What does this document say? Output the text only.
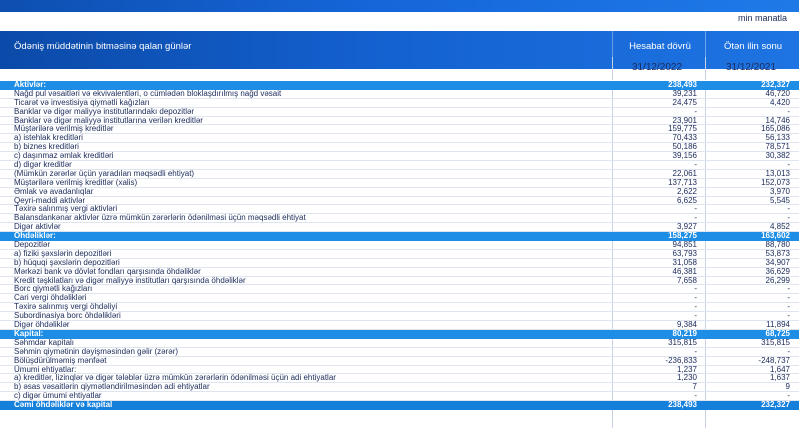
min manatla
Ödəniş müddətinin bitməsinə qalan günlər	Hesabat dövrü	Ötən ilin sonu
31/12/2022	31/12/2021
Aktivlər:	238,493	232,327
Nağd pul vəsaitləri və ekvivalentləri, o cümlədən bloklaşdırılmış nağd vəsait	39,231	46,720
Ticarət və investisiya qiymətli kağızları	24,475	4,420
Banklar və digər maliyyə institutlarındakı depozitlər	-	-
Banklar və digər maliyyə institutlarına verilən kreditlər	23,901	14,746
Müştərilərə verilmiş kreditlər	159,775	165,086
a) istehlak kreditləri	70,433	56,133
b) biznes kreditləri	50,186	78,571
c) daşınmaz əmlak kreditləri	39,156	30,382
d) digər kreditlər	-	-
(Mümkün zərərlər üçün yaradılan məqsədli ehtiyat)	22,061	13,013
Müştərilərə verilmiş kreditlər (xalis)	137,713	152,073
Əmlak və avadanlıqlar	2,622	3,970
Qeyri-maddi aktivlər	6,625	5,545
Təxirə salınmış vergi aktivləri	-	-
Balansdankənar aktivlər üzrə mümkün zərərlərin ödənilməsi üçün məqsədli ehtiyat	-	-
Digər aktivlər	3,927	4,852
Öhdəliklər:	158,275	163,602
Depozitlər	94,851	88,780
a) fiziki şəxslərin depozitləri	63,793	53,873
b) hüquqi şəxslərin depozitləri	31,058	34,907
Mərkəzi bank və dövlət fondları qarşısında öhdəliklər	46,381	36,629
Kredit təşkilatları və digər maliyyə institutları qarşısında öhdəliklər	7,658	26,299
Borc qiymətli kağızları	-	-
Cari vergi öhdəlikləri	-	-
Təxirə salınmış vergi öhdəliyi	-	-
Subordinasiya borc öhdəlikləri	-	-
Digər öhdəliklər	9,384	11,894
Kapital:	80,219	68,725
Səhmdar kapitalı	315,815	315,815
Səhmin qiymətinin dəyişməsindən gəlir (zərər)	-	-
Bölüşdürülməmiş mənfəət	-236,833	-248,737
Ümumi ehtiyatlar:	1,237	1,647
a) kreditlər, lizinqlər və digər tələblər üzrə mümkün zərərlərin ödənilməsi üçün adi ehtiyatlar	1,230	1,637
b) əsas vəsaitlərin qiymətləndirilməsindən adi ehtiyatlar	7	9
c) digər ümumi ehtiyatlar	-	-
Cəmi öhdəliklər və kapital	238,493	232,327
